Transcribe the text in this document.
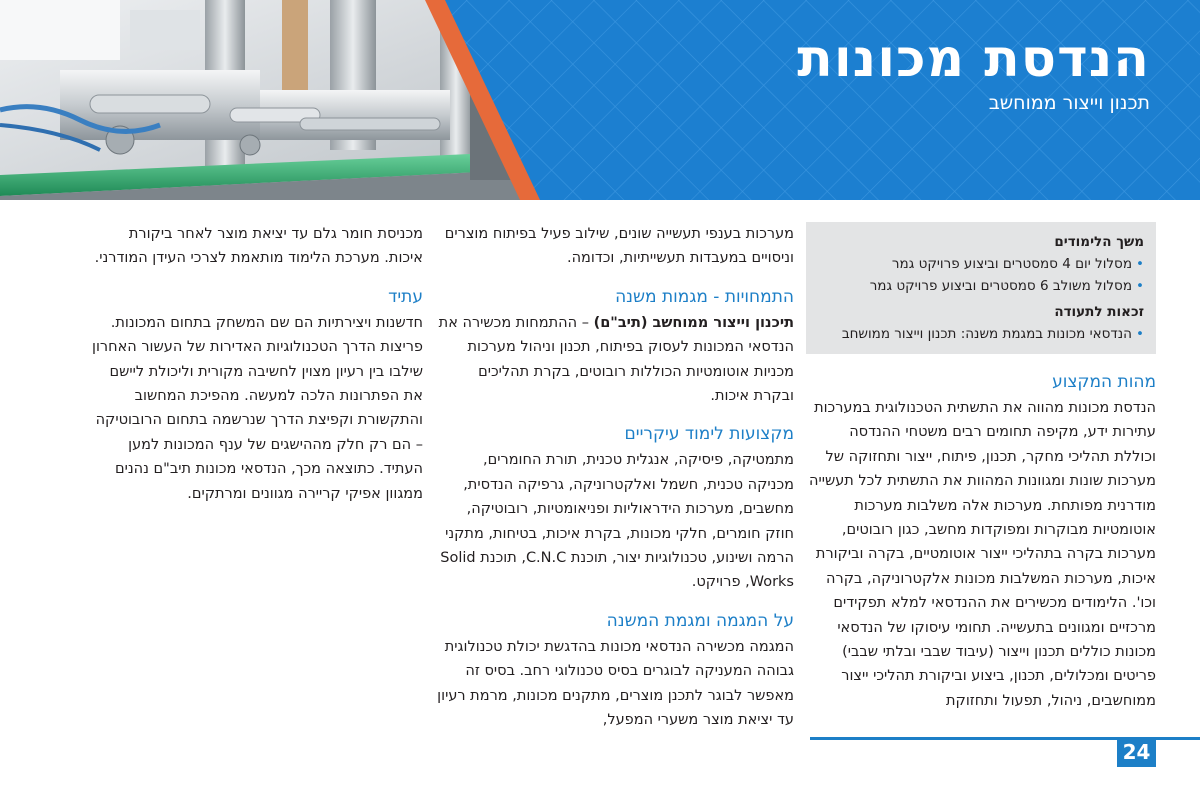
הנדסת מכונות
תכנון וייצור ממוחשב
משך הלימודים
• מסלול יום 4 סמסטרים וביצוע פרויקט גמר
• מסלול משולב 6 סמסטרים וביצוע פרויקט גמר
זכאות לתעודה
• הנדסאי מכונות במגמת משנה: תכנון וייצור ממושחב
מהות המקצוע

הנדסת מכונות מהווה את התשתית הטכנולוגית במערכות עתירות ידע, מקיפה תחומים רבים משטחי ההנדסה וכוללת תהליכי מחקר, תכנון, פיתוח, ייצור ותחזוקה של מערכות שונות ומגוונות המהוות את התשתית לכל תעשייה מודרנית מפותחת. מערכות אלה משלבות מערכות אוטומטיות מבוקרות ומפוקדות מחשב, כגון רובוטים, מערכות בקרה בתהליכי ייצור אוטומטיים, בקרה וביקורת איכות, מערכות המשלבות מכונות אלקטרוניקה, בקרה וכו'. הלימודים מכשירים את ההנדסאי למלא תפקידים מרכזיים ומגוונים בתעשייה. תחומי עיסוקו של הנדסאי מכונות כוללים תכנון וייצור (עיבוד שבבי ובלתי שבבי) פריטים ומכלולים, תכנון, ביצוע וביקורת תהליכי ייצור ממוחשבים, ניהול, תפעול ותחזוקת

מערכות בענפי תעשייה שונים, שילוב פעיל בפיתוח מוצרים וניסויים במעבדות תעשייתיות, וכדומה.

התמחויות - מגמות משנה

תיכנון וייצור ממוחשב (תיב"ם) – ההתמחות מכשירה את הנדסאי המכונות לעסוק בפיתוח, תכנון וניהול מערכות מכניות אוטומטיות הכוללות רובוטים, בקרת תהליכים ובקרת איכות.

מקצועות לימוד עיקריים

מתמטיקה, פיסיקה, אנגלית טכנית, תורת החומרים, מכניקה טכנית, חשמל ואלקטרוניקה, גרפיקה הנדסית, מחשבים, מערכות הידראוליות ופניאומטיות, רובוטיקה, חוזק חומרים, חלקי מכונות, בקרת איכות, בטיחות, מתקני הרמה ושינוע, טכנולוגיות יצור, תוכנת C.N.C, תוכנת Solid Works, פרויקט.

על המגמה ומגמת המשנה

המגמה מכשירה הנדסאי מכונות בהדגשת יכולת טכנולוגית גבוהה המעניקה לבוגרים בסיס טכנולוגי רחב. בסיס זה מאפשר לבוגר לתכנן מוצרים, מתקנים מכונות, מרמת רעיון עד יציאת מוצר משערי המפעל,

מכניסת חומר גלם עד יציאת מוצר לאחר ביקורת איכות. מערכת הלימוד מותאמת לצרכי העידן המודרני.

עתיד

חדשנות ויצירתיות הם שם המשחק בתחום המכונות. פריצות הדרך הטכנולוגיות האדירות של העשור האחרון שילבו בין רעיון מצוין לחשיבה מקורית וליכולת ליישם את הפתרונות הלכה למעשה. מהפיכת המחשוב והתקשורת וקפיצת הדרך שנרשמה בתחום הרובוטיקה – הם רק חלק מההישגים של ענף המכונות למען העתיד. כתוצאה מכך, הנדסאי מכונות תיב"ם נהנים ממגוון אפיקי קריירה מגוונים ומרתקים.

24
